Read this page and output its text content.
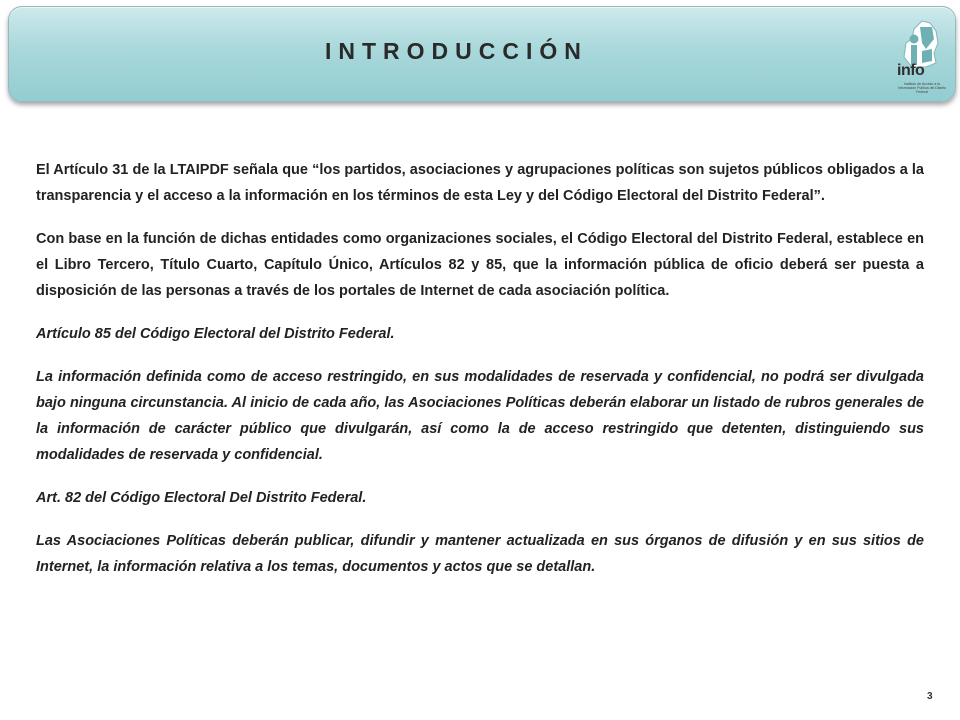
INTRODUCCIÓN
info
Instituto de Acceso a la Información Pública del Distrito Federal

El Artículo 31 de la LTAIPDF señala que “los partidos, asociaciones y agrupaciones políticas son sujetos públicos obligados a la transparencia y el acceso a la información en los términos de esta Ley y del Código Electoral del Distrito Federal”.

Con base en la función de dichas entidades como organizaciones sociales, el Código Electoral del Distrito Federal, establece en el Libro Tercero, Título Cuarto, Capítulo Único, Artículos 82 y 85, que la información pública de oficio deberá ser puesta a disposición de las personas a través de los portales de Internet de cada asociación política.

Artículo 85 del Código Electoral del Distrito Federal.

La información definida como de acceso restringido, en sus modalidades de reservada y confidencial, no podrá ser divulgada bajo ninguna circunstancia. Al inicio de cada año, las Asociaciones Políticas deberán elaborar un listado de rubros generales de la información de carácter público que divulgarán, así como la de acceso restringido que detenten, distinguiendo sus modalidades de reservada y confidencial.

Art. 82 del Código Electoral Del Distrito Federal.

Las Asociaciones Políticas deberán publicar, difundir y mantener actualizada en sus órganos de difusión y en sus sitios de Internet, la información relativa a los temas, documentos y actos que se detallan.

3
